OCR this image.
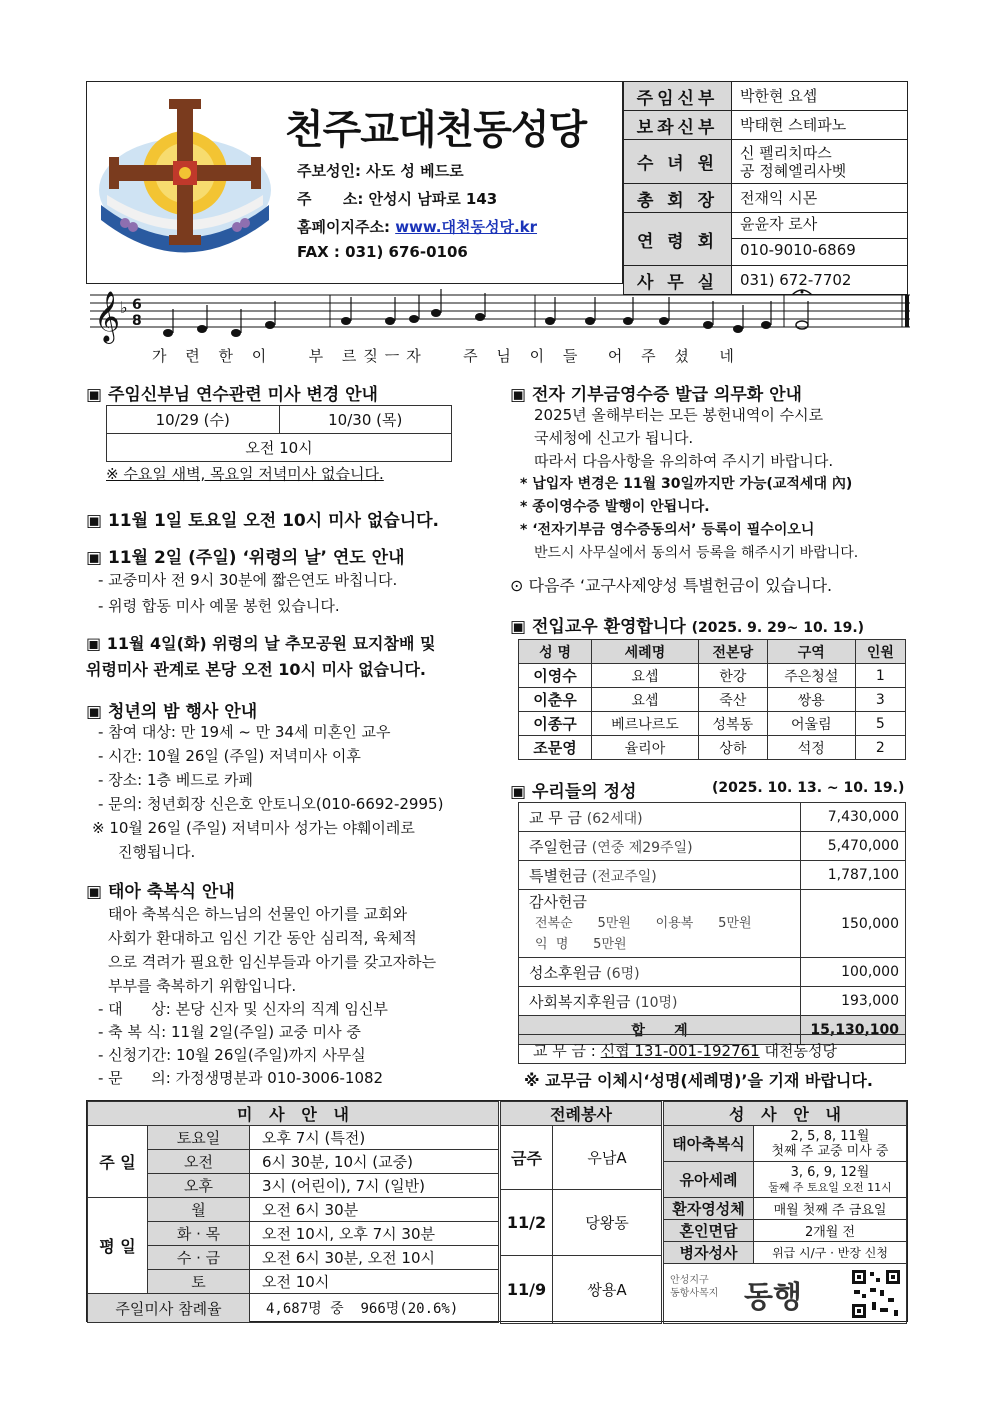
천주교대천동성당
주보성인: 사도 성 베드로
주      소: 안성시 남파로 143
홈페이지주소: www.대천동성당.kr
FAX : 031) 676-0106
주임신부	박한현 요셉
보좌신부	박태현 스테파노
수 녀 원	신 펠리치따스
공 정혜엘리사벳

총 회 장	전재익 시몬
연 령 회	윤윤자 로사
010-9010-6869

사 무 실	031) 672-7702
𝄞 ♭ 6
8
가 련 한 이   부 르짖ㅡ자   주 님 이 들  어 주 셨  네
▣ 주임신부님 연수관련 미사 변경 안내
10/29 (수)	10/30 (목)
오전 10시
※ 수요일 새벽, 목요일 저녁미사 없습니다.
▣ 11월 1일 토요일 오전 10시 미사 없습니다.
▣ 11월 2일 (주일) ‘위령의 날’ 연도 안내
- 교중미사 전 9시 30분에 짧은연도 바칩니다.
- 위령 합동 미사 예물 봉헌 있습니다.
▣ 11월 4일(화) 위령의 날 추모공원 묘지참배 및
위령미사 관계로 본당 오전 10시 미사 없습니다.
▣ 청년의 밤 행사 안내
- 참여 대상: 만 19세 ~ 만 34세 미혼인 교우
- 시간: 10월 26일 (주일) 저녁미사 이후
- 장소: 1층 베드로 카페
- 문의: 청년회장 신은호 안토니오(010-6692-2995)
※ 10월 26일 (주일) 저녁미사 성가는 야훼이레로
진행됩니다.
▣ 태아 축복식 안내
태아 축복식은 하느님의 선물인 아기를 교회와
사회가 환대하고 임신 기간 동안 심리적, 육체적
으로 격려가 필요한 임신부들과 아기를 갖고자하는
부부를 축복하기 위함입니다.
- 대      상: 본당 신자 및 신자의 직계 임신부
- 축 복 식: 11월 2일(주일) 교중 미사 중
- 신청기간: 10월 26일(주일)까지 사무실
- 문      의: 가정생명분과 010-3006-1082
▣ 전자 기부금영수증 발급 의무화 안내
2025년 올해부터는 모든 봉헌내역이 수시로
국세청에 신고가 됩니다.
따라서 다음사항을 유의하여 주시기 바랍니다.
* 납입자 변경은 11월 30일까지만 가능(교적세대 內)
* 종이영수증 발행이 안됩니다.
* ‘전자기부금 영수증동의서’ 등록이 필수이오니
반드시 사무실에서 동의서 등록을 해주시기 바랍니다.
⊙ 다음주 ‘교구사제양성 특별헌금이 있습니다.
▣ 전입교우 환영합니다 (2025. 9. 29~ 10. 19.)
성 명	세례명	전본당	구역	인원
이영수	요셉	한강	주은청설	1
이춘우	요셉	죽산	쌍용	3
이종구	베르나르도	성복동	어울림	5
조문영	율리아	상하	석정	2
▣ 우리들의 정성	(2025. 10. 13. ~ 10. 19.)
교 무 금 (62세대)	7,430,000
주일헌금 (연중 제29주일)	5,470,000
특별헌금 (전교주일)	1,787,100

감사헌금
전복순      5만원      이용복      5만원
익  명      5만원	150,000
성소후원금 (6명)	100,000
사회복지후원금 (10명)	193,000
합      계	15,130,100
교 무 금 : 신협 131-001-192761 대천동성당
※ 교무금 이체시‘성명(세례명)’을 기재 바랍니다.
미   사   안   내		
주 일	토요일	오후 7시 (특전)
	오전	6시 30분, 10시 (교중)
	오후	3시 (어린이), 7시 (일반)
평 일	월	오전 6시 30분
	화 · 목	오전 10시, 오후 7시 30분
	수 · 금	오전 6시 30분, 오전 10시
	토	오전 10시
주일미사 참례율		4,687명 중  966명(20.6%)
전례봉사	
금주	우남A
11/2	당왕동
11/9	쌍용A
성   사   안   내	
태아축복식	2, 5, 8, 11월
첫째 주 교중 미사 중

유아세례	3, 6, 9, 12월
둘째 주 토요일 오전 11시

환자영성체	매월 첫째 주 금요일
혼인면담	2개월 전
병자성사	위급 시/구 · 반장 신청

안성지구
동항사목지 동행	
